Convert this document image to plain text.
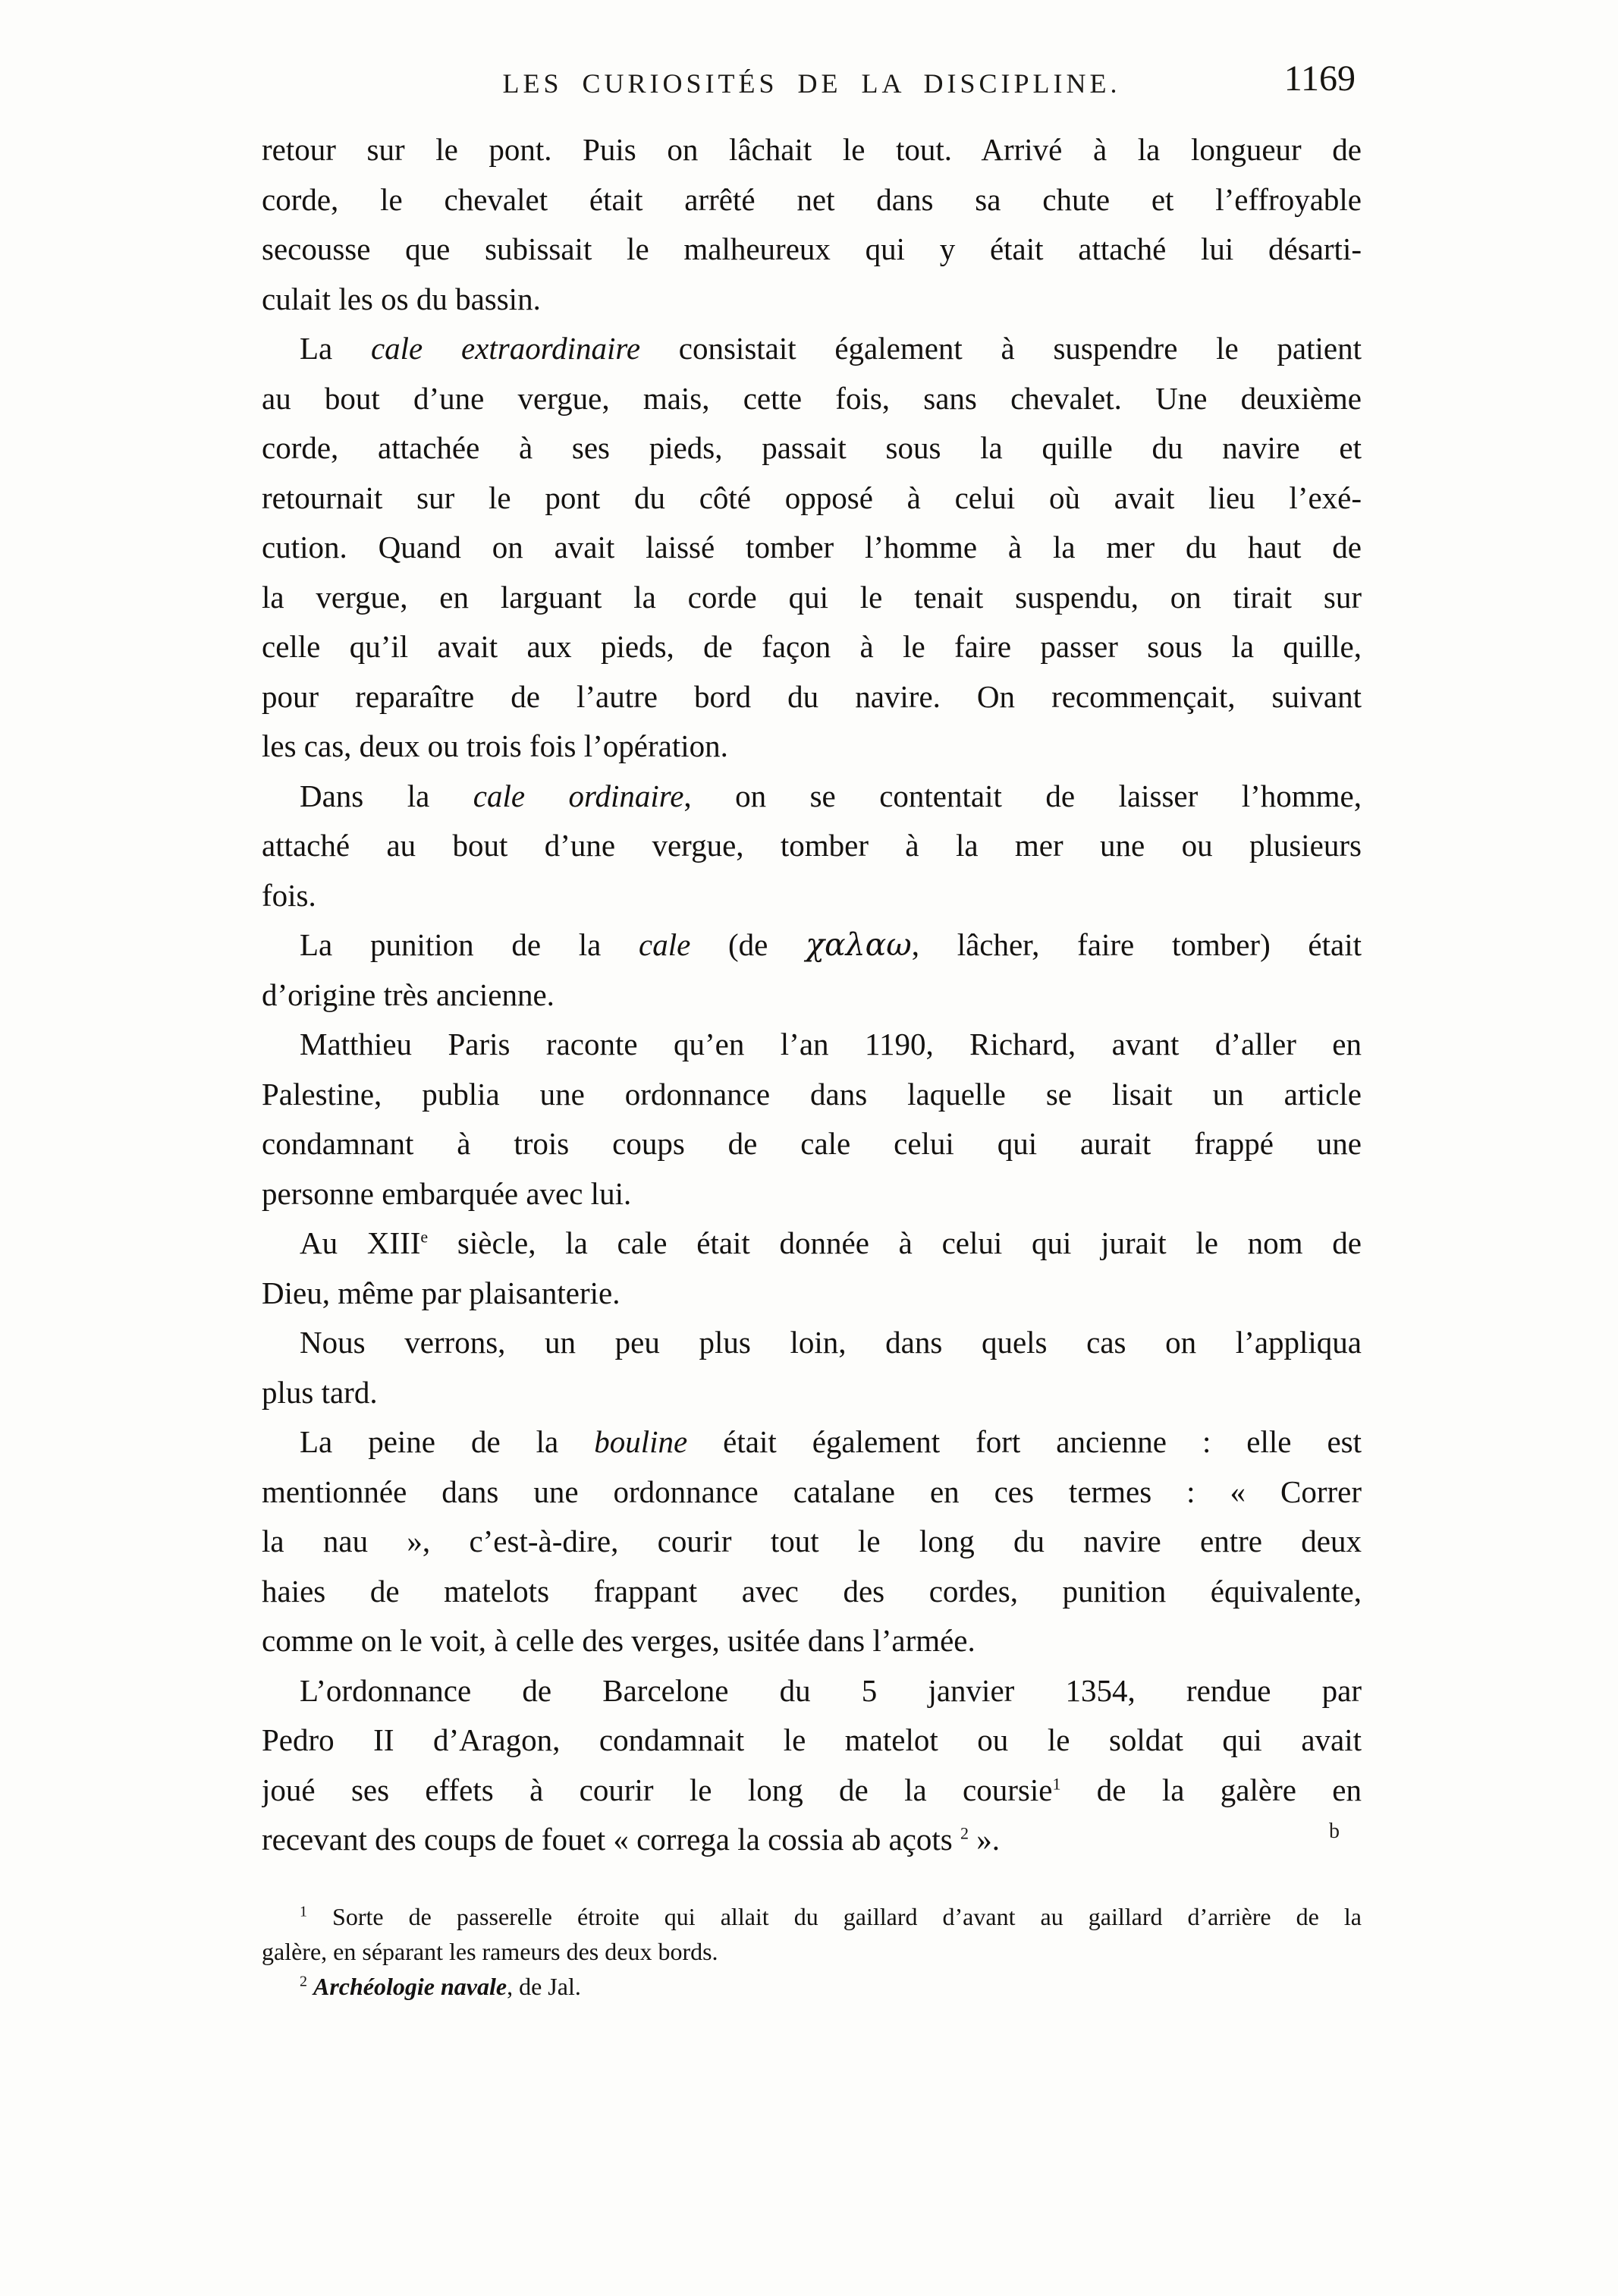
LES CURIOSITÉS DE LA DISCIPLINE.	1169
retour sur le pont. Puis on lâchait le tout. Arrivé à la longueur de
corde, le chevalet était arrêté net dans sa chute et l’effroyable
secousse que subissait le malheureux qui y était attaché lui désarti-
culait les os du bassin.
La cale extraordinaire consistait également à suspendre le patient
au bout d’une vergue, mais, cette fois, sans chevalet. Une deuxième
corde, attachée à ses pieds, passait sous la quille du navire et
retournait sur le pont du côté opposé à celui où avait lieu l’exé-
cution. Quand on avait laissé tomber l’homme à la mer du haut de
la vergue, en larguant la corde qui le tenait suspendu, on tirait sur
celle qu’il avait aux pieds, de façon à le faire passer sous la quille,
pour reparaître de l’autre bord du navire. On recommençait, suivant
les cas, deux ou trois fois l’opération.
Dans la cale ordinaire, on se contentait de laisser l’homme,
attaché au bout d’une vergue, tomber à la mer une ou plusieurs
fois.
La punition de la cale (de χαλαω, lâcher, faire tomber) était
d’origine très ancienne.
Matthieu Paris raconte qu’en l’an 1190, Richard, avant d’aller en
Palestine, publia une ordonnance dans laquelle se lisait un article
condamnant à trois coups de cale celui qui aurait frappé une
personne embarquée avec lui.
Au XIIIe siècle, la cale était donnée à celui qui jurait le nom de
Dieu, même par plaisanterie.
Nous verrons, un peu plus loin, dans quels cas on l’appliqua
plus tard.
La peine de la bouline était également fort ancienne : elle est
mentionnée dans une ordonnance catalane en ces termes : « Correr
la nau », c’est-à-dire, courir tout le long du navire entre deux
haies de matelots frappant avec des cordes, punition équivalente,
comme on le voit, à celle des verges, usitée dans l’armée.
L’ordonnance de Barcelone du 5 janvier 1354, rendue par
Pedro II d’Aragon, condamnait le matelot ou le soldat qui avait
joué ses effets à courir le long de la coursie$^1$ de la galère en
recevant des coups de fouet « correga la cossia ab açots $^2$ ».	b
$^1$ Sorte de passerelle étroite qui allait du gaillard d’avant au gaillard d’arrière de la
galère, en séparant les rameurs des deux bords.
$^2$ Archéologie navale, de Jal.
